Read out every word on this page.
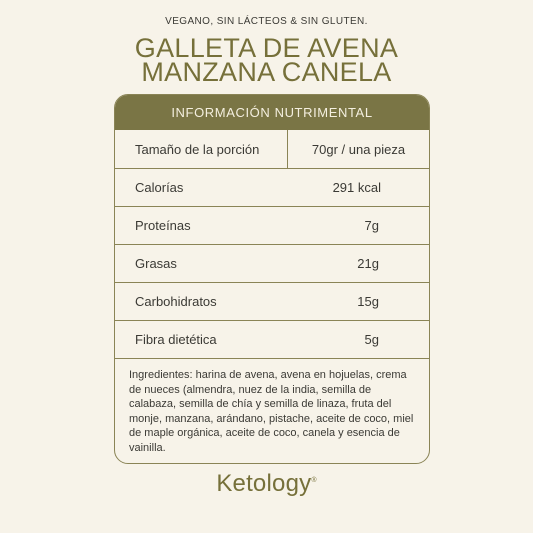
VEGANO, SIN LÁCTEOS & SIN GLUTEN.
GALLETA DE AVENA
MANZANA CANELA
INFORMACIÓN NUTRIMENTAL
Tamaño de la porción	70gr / una pieza
Calorías	291 kcal
Proteínas	7g
Grasas	21g
Carbohidratos	15g
Fibra dietética	5g
Ingredientes: harina de avena, avena en hojuelas, crema de nueces (almendra, nuez de la india, semilla de calabaza, semilla de chía y semilla de linaza, fruta del monje, manzana, arándano, pistache, aceite de coco, miel de maple orgánica, aceite de coco, canela y esencia de vainilla.
Ketology®
